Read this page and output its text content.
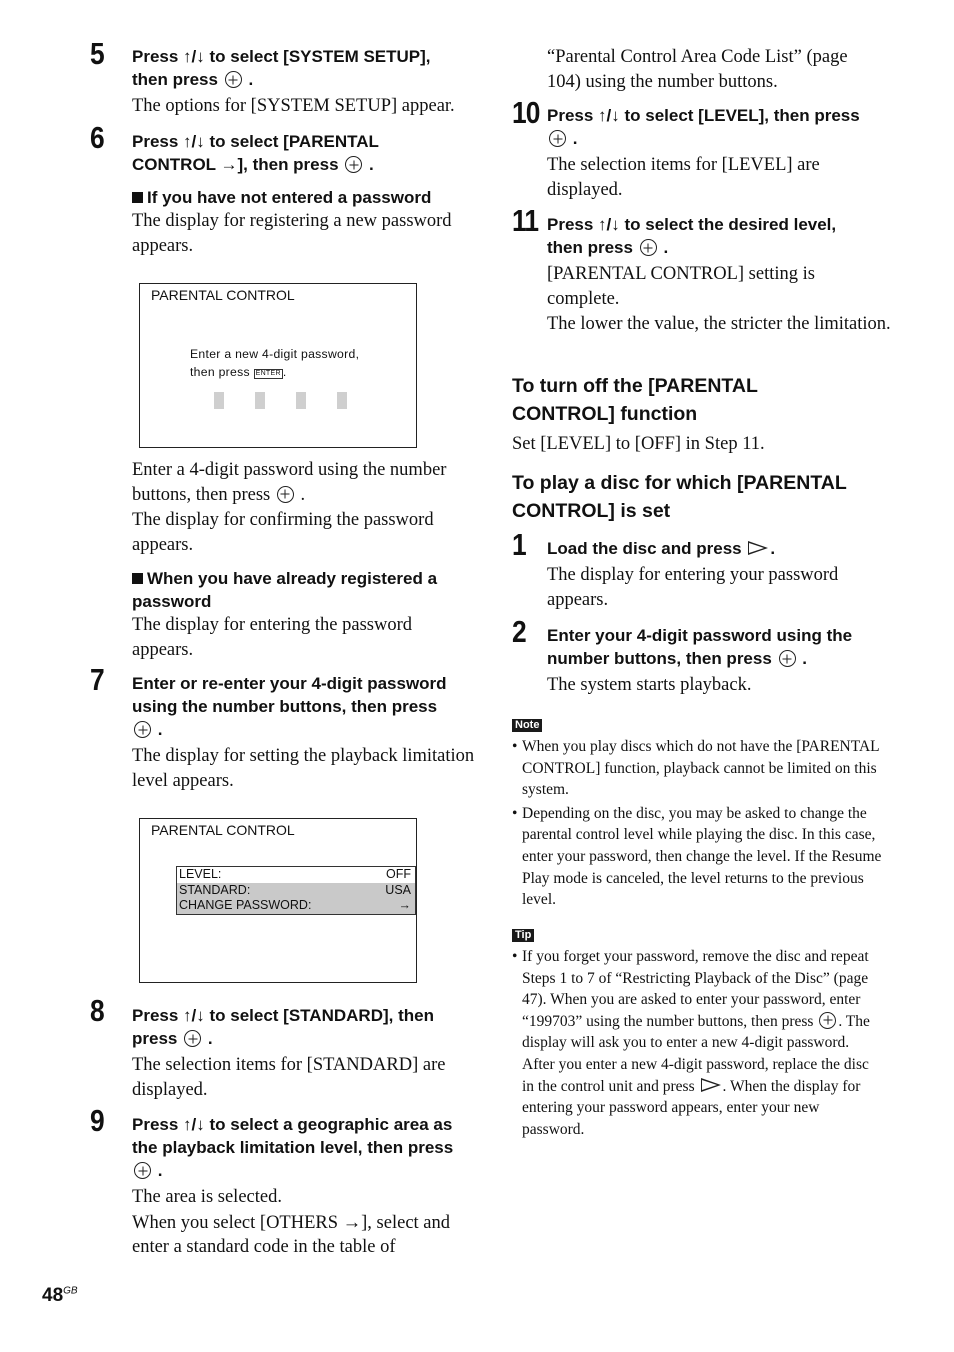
5 Press ↑/↓ to select [SYSTEM SETUP],
then press  .

The options for [SYSTEM SETUP] appear.

6 Press ↑/↓ to select [PARENTAL
CONTROL →], then press  .

If you have not entered a password

The display for registering a new password appears.

PARENTAL CONTROL
Enter a new 4-digit password,
then press ENTER .

Enter a 4-digit password using the number buttons, then press  .

The display for confirming the password appears.

When you have already registered a password

The display for entering the password appears.

7 Enter or re-enter your 4-digit password using the number buttons, then press
.

The display for setting the playback limitation level appears.

PARENTAL CONTROL
LEVEL:	OFF
STANDARD:	USA
CHANGE PASSWORD:	→
8 Press ↑/↓ to select [STANDARD], then
press  .

The selection items for [STANDARD] are displayed.

9 Press ↑/↓ to select a geographic area as the playback limitation level, then press  .

The area is selected.

When you select [OTHERS →], select and enter a standard code in the table of

“Parental Control Area Code List” (page 104) using the number buttons.

10 Press ↑/↓ to select [LEVEL], then press
.

The selection items for [LEVEL] are displayed.

11 Press ↑/↓ to select the desired level,
then press  .

[PARENTAL CONTROL] setting is complete.

The lower the value, the stricter the limitation.

To turn off the [PARENTAL CONTROL] function

Set [LEVEL] to [OFF] in Step 11.

To play a disc for which [PARENTAL CONTROL] is set

1 Load the disc and press .

The display for entering your password appears.

2 Enter your 4-digit password using the number buttons, then press  .

The system starts playback.

Note
• When you play discs which do not have the [PARENTAL CONTROL] function, playback cannot be limited on this system.
• Depending on the disc, you may be asked to change the parental control level while playing the disc. In this case, enter your password, then change the level. If the Resume Play mode is canceled, the level returns to the previous level.
Tip
• If you forget your password, remove the disc and repeat Steps 1 to 7 of “Restricting Playback of the Disc” (page 47). When you are asked to enter your password, enter “199703” using the number buttons, then press . The display will ask you to enter a new 4-digit password. After you enter a new 4-digit password, replace the disc in the control unit and press . When the display for entering your password appears, enter your new password.
$48^{GB}$
